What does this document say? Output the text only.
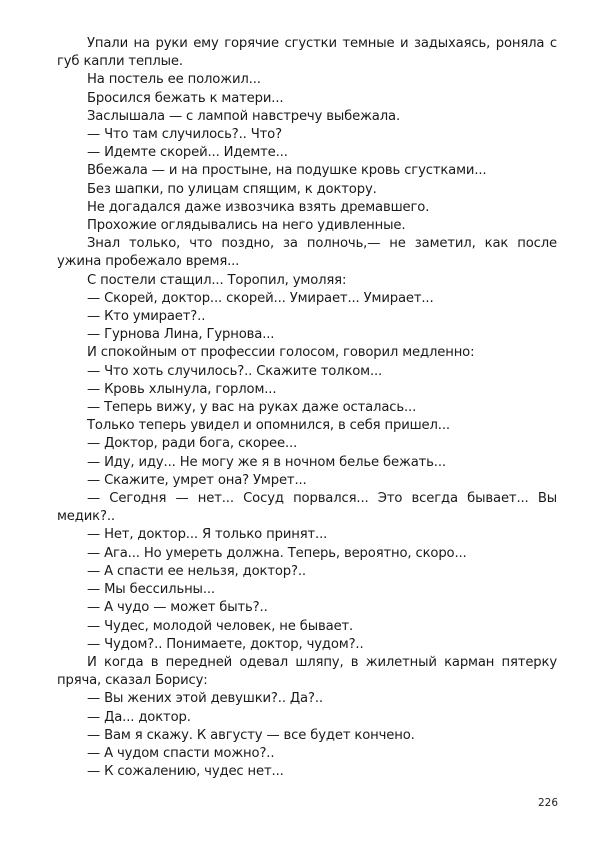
Упали на руки ему горячие сгустки темные и задыхаясь, роняла с губ капли теплые.

На постель ее положил...

Бросился бежать к матери...

Заслышала — с лампой навстречу выбежала.

— Что там случилось?.. Что?

— Идемте скорей... Идемте...

Вбежала — и на простыне, на подушке кровь сгустками...

Без шапки, по улицам спящим, к доктору.

Не догадался даже извозчика взять дремавшего.

Прохожие оглядывались на него удивленные.

Знал только, что поздно, за полночь,— не заметил, как после ужина пробежало время...

С постели стащил... Торопил, умоляя:

— Скорей, доктор... скорей... Умирает... Умирает...

— Кто умирает?..

— Гурнова Лина, Гурнова...

И спокойным от профессии голосом, говорил медленно:

— Что хоть случилось?.. Скажите толком...

— Кровь хлынула, горлом...

— Теперь вижу, у вас на руках даже осталась...

Только теперь увидел и опомнился, в себя пришел...

— Доктор, ради бога, скорее...

— Иду, иду... Не могу же я в ночном белье бежать...

— Скажите, умрет она? Умрет...

— Сегодня — нет... Сосуд порвался... Это всегда бывает... Вы медик?..

— Нет, доктор... Я только принят...

— Ага... Но умереть должна. Теперь, вероятно, скоро...

— А спасти ее нельзя, доктор?..

— Мы бессильны...

— А чудо — может быть?..

— Чудес, молодой человек, не бывает.

— Чудом?.. Понимаете, доктор, чудом?..

И когда в передней одевал шляпу, в жилетный карман пятерку пряча, сказал Борису:

— Вы жених этой девушки?.. Да?..

— Да... доктор.

— Вам я скажу. К августу — все будет кончено.

— А чудом спасти можно?..

— К сожалению, чудес нет...

226
